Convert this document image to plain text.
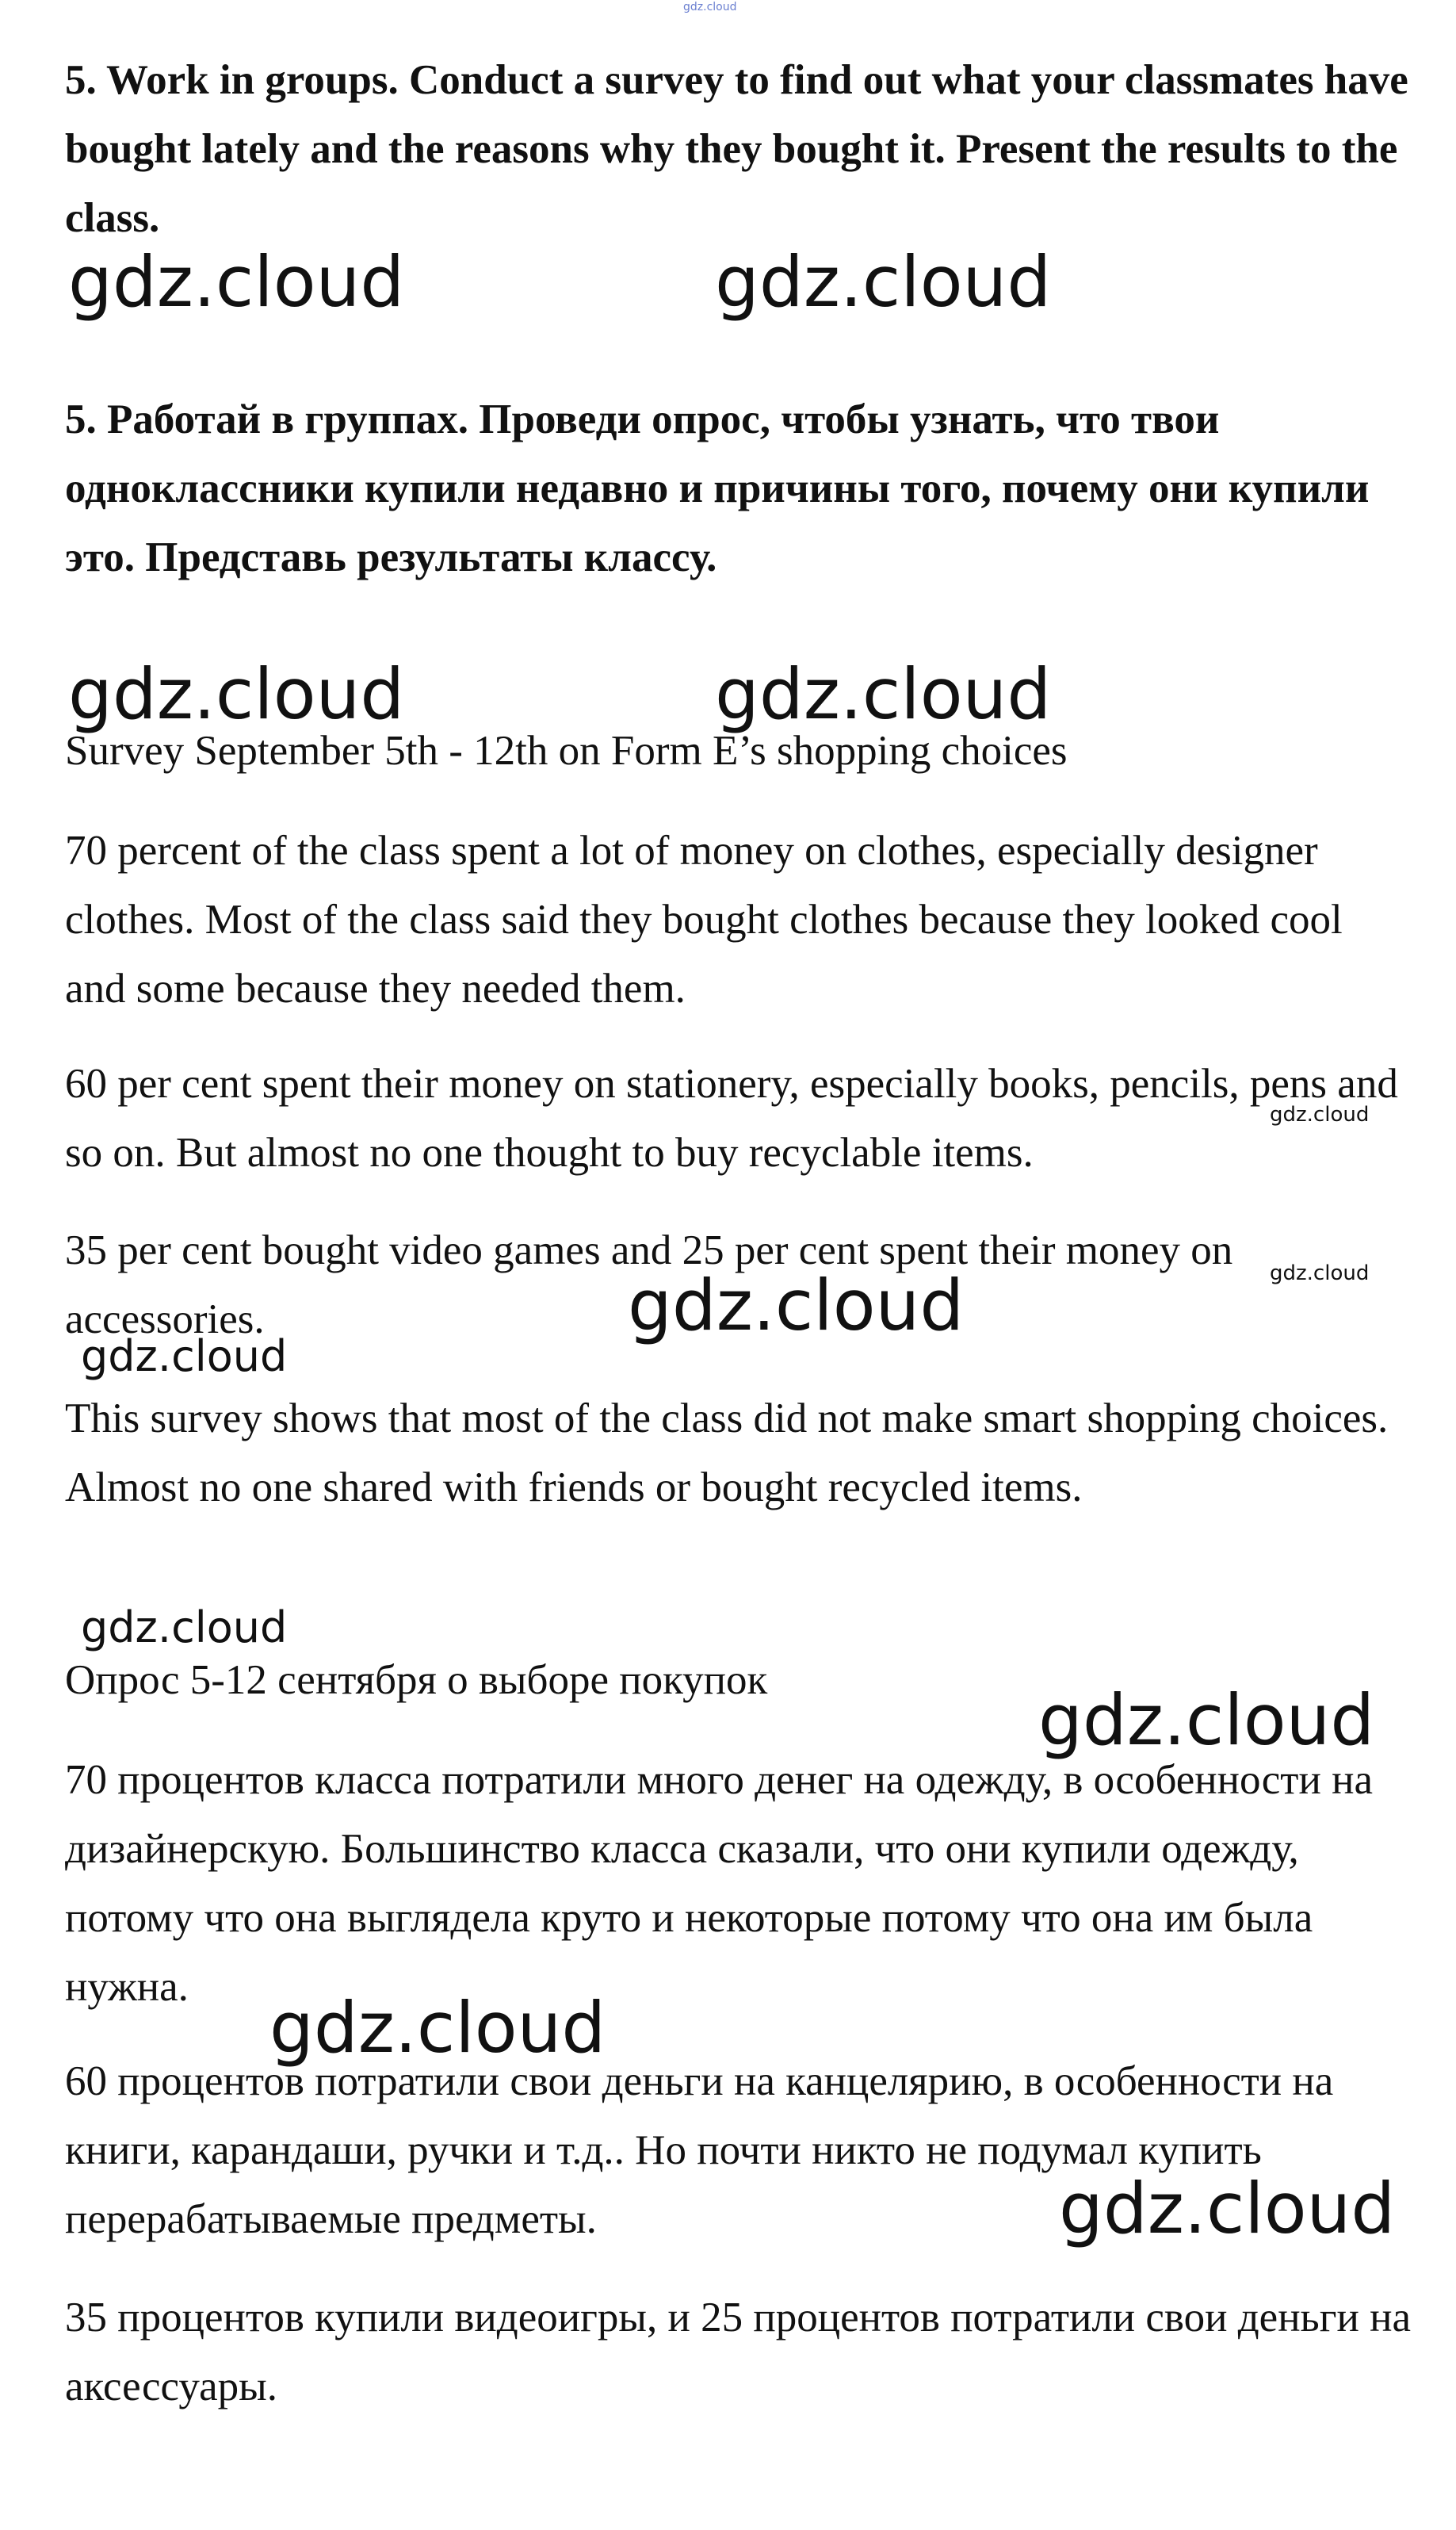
gdz.cloud

5. Work in groups. Conduct a survey to find out what your classmates have bought lately and the reasons why they bought it. Present the results to the class.

gdz.cloud	gdz.cloud

5. Работай в группах. Проведи опрос, чтобы узнать, что твои одноклассники купили недавно и причины того, почему они купили это. Представь результаты классу.

gdz.cloud	gdz.cloud

Survey September 5th - 12th on Form E’s shopping choices

70 percent of the class spent a lot of money on clothes, especially designer clothes. Most of the class said they bought clothes because they looked cool and some because they needed them.

60 per cent spent their money on stationery, especially books, pencils, pens and so on. But almost no one thought to buy recyclable items.

35 per cent bought video games and 25 per cent spent their money on accessories.

This survey shows that most of the class did not make smart shopping choices. Almost no one shared with friends or bought recycled items.

gdz.cloud
gdz.cloud
gdz.cloud
gdz.cloud
gdz.cloud

Опрос 5-12 сентября о выборе покупок	gdz.cloud

70 процентов класса потратили много денег на одежду, в особенности на дизайнерскую. Большинство класса сказали, что они купили одежду, потому что она выглядела круто и некоторые потому что она им была нужна.	gdz.cloud

60 процентов потратили свои деньги на канцелярию, в особенности на книги, карандаши, ручки и т.д.. Но почти никто не подумал купить перерабатываемые предметы.	gdz.cloud

35 процентов купили видеоигры, и 25 процентов потратили свои деньги на аксессуары.
